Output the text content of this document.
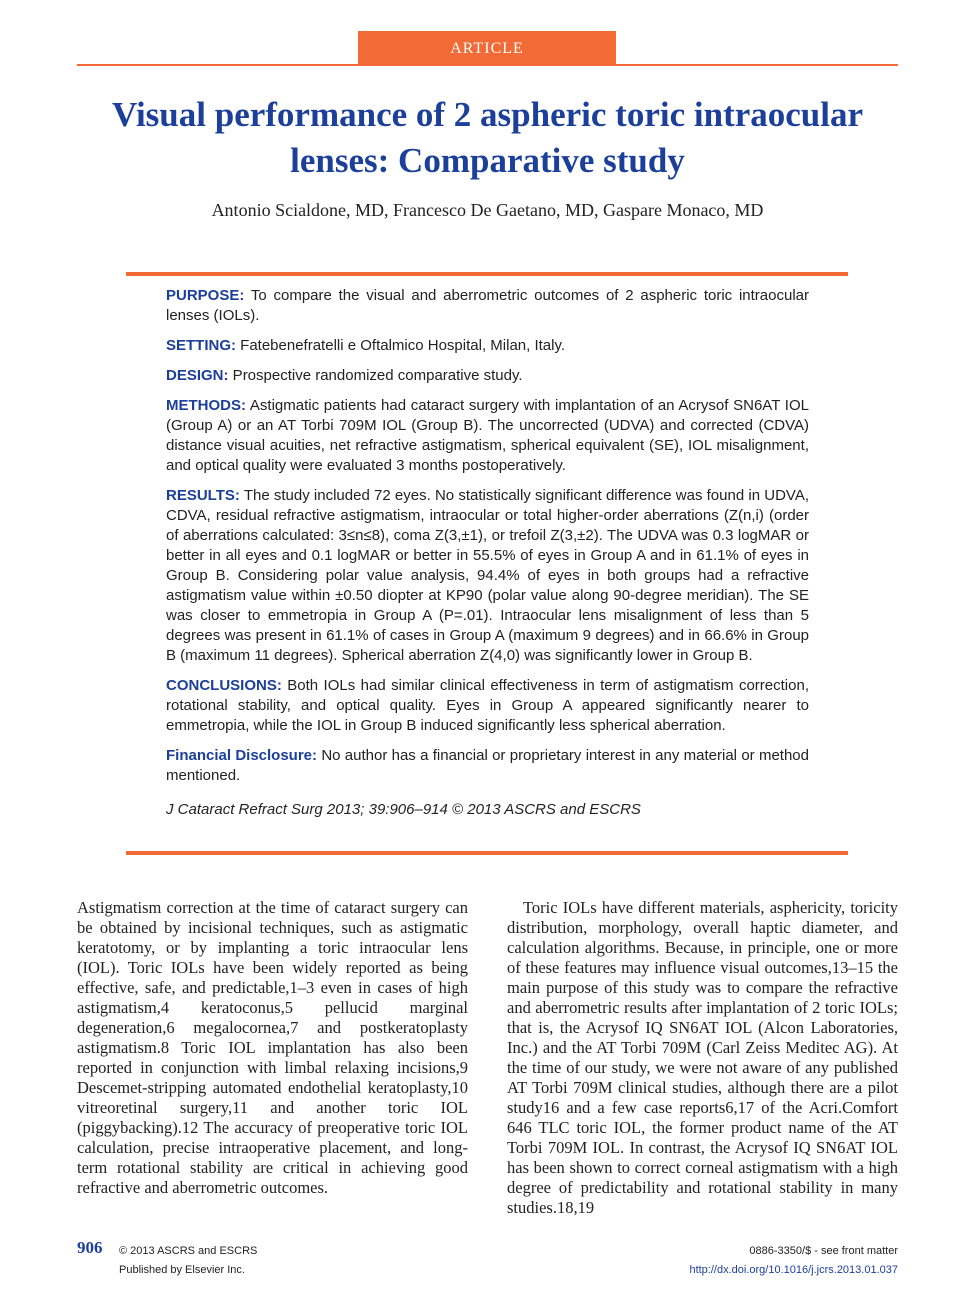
ARTICLE
Visual performance of 2 aspheric toric intraocular lenses: Comparative study
Antonio Scialdone, MD, Francesco De Gaetano, MD, Gaspare Monaco, MD

PURPOSE: To compare the visual and aberrometric outcomes of 2 aspheric toric intraocular lenses (IOLs).

SETTING: Fatebenefratelli e Oftalmico Hospital, Milan, Italy.

DESIGN: Prospective randomized comparative study.

METHODS: Astigmatic patients had cataract surgery with implantation of an Acrysof SN6AT IOL (Group A) or an AT Torbi 709M IOL (Group B). The uncorrected (UDVA) and corrected (CDVA) distance visual acuities, net refractive astigmatism, spherical equivalent (SE), IOL misalignment, and optical quality were evaluated 3 months postoperatively.

RESULTS: The study included 72 eyes. No statistically significant difference was found in UDVA, CDVA, residual refractive astigmatism, intraocular or total higher-order aberrations (Z(n,i) (order of aberrations calculated: 3≤n≤8), coma Z(3,±1), or trefoil Z(3,±2). The UDVA was 0.3 logMAR or better in all eyes and 0.1 logMAR or better in 55.5% of eyes in Group A and in 61.1% of eyes in Group B. Considering polar value analysis, 94.4% of eyes in both groups had a refractive astigmatism value within ±0.50 diopter at KP90 (polar value along 90-degree meridian). The SE was closer to emmetropia in Group A (P=.01). Intraocular lens misalignment of less than 5 degrees was present in 61.1% of cases in Group A (maximum 9 degrees) and in 66.6% in Group B (maximum 11 degrees). Spherical aberration Z(4,0) was significantly lower in Group B.

CONCLUSIONS: Both IOLs had similar clinical effectiveness in term of astigmatism correction, rotational stability, and optical quality. Eyes in Group A appeared significantly nearer to emmetropia, while the IOL in Group B induced significantly less spherical aberration.

Financial Disclosure: No author has a financial or proprietary interest in any material or method mentioned.

J Cataract Refract Surg 2013; 39:906–914 © 2013 ASCRS and ESCRS

Astigmatism correction at the time of cataract surgery can be obtained by incisional techniques, such as astigmatic keratotomy, or by implanting a toric intraocular lens (IOL). Toric IOLs have been widely reported as being effective, safe, and predictable,1–3 even in cases of high astigmatism,4 keratoconus,5 pellucid marginal degeneration,6 megalocornea,7 and postkeratoplasty astigmatism.8 Toric IOL implantation has also been reported in conjunction with limbal relaxing incisions,9 Descemet-stripping automated endothelial keratoplasty,10 vitreoretinal surgery,11 and another toric IOL (piggybacking).12 The accuracy of preoperative toric IOL calculation, precise intraoperative placement, and long-term rotational stability are critical in achieving good refractive and aberrometric outcomes.

Toric IOLs have different materials, asphericity, toricity distribution, morphology, overall haptic diameter, and calculation algorithms. Because, in principle, one or more of these features may influence visual outcomes,13–15 the main purpose of this study was to compare the refractive and aberrometric results after implantation of 2 toric IOLs; that is, the Acrysof IQ SN6AT IOL (Alcon Laboratories, Inc.) and the AT Torbi 709M (Carl Zeiss Meditec AG). At the time of our study, we were not aware of any published AT Torbi 709M clinical studies, although there are a pilot study16 and a few case reports6,17 of the Acri.Comfort 646 TLC toric IOL, the former product name of the AT Torbi 709M IOL. In contrast, the Acrysof IQ SN6AT IOL has been shown to correct corneal astigmatism with a high degree of predictability and rotational stability in many studies.18,19

906 © 2013 ASCRS and ESCRS
Published by Elsevier Inc.
0886-3350/$ - see front matter
http://dx.doi.org/10.1016/j.jcrs.2013.01.037
